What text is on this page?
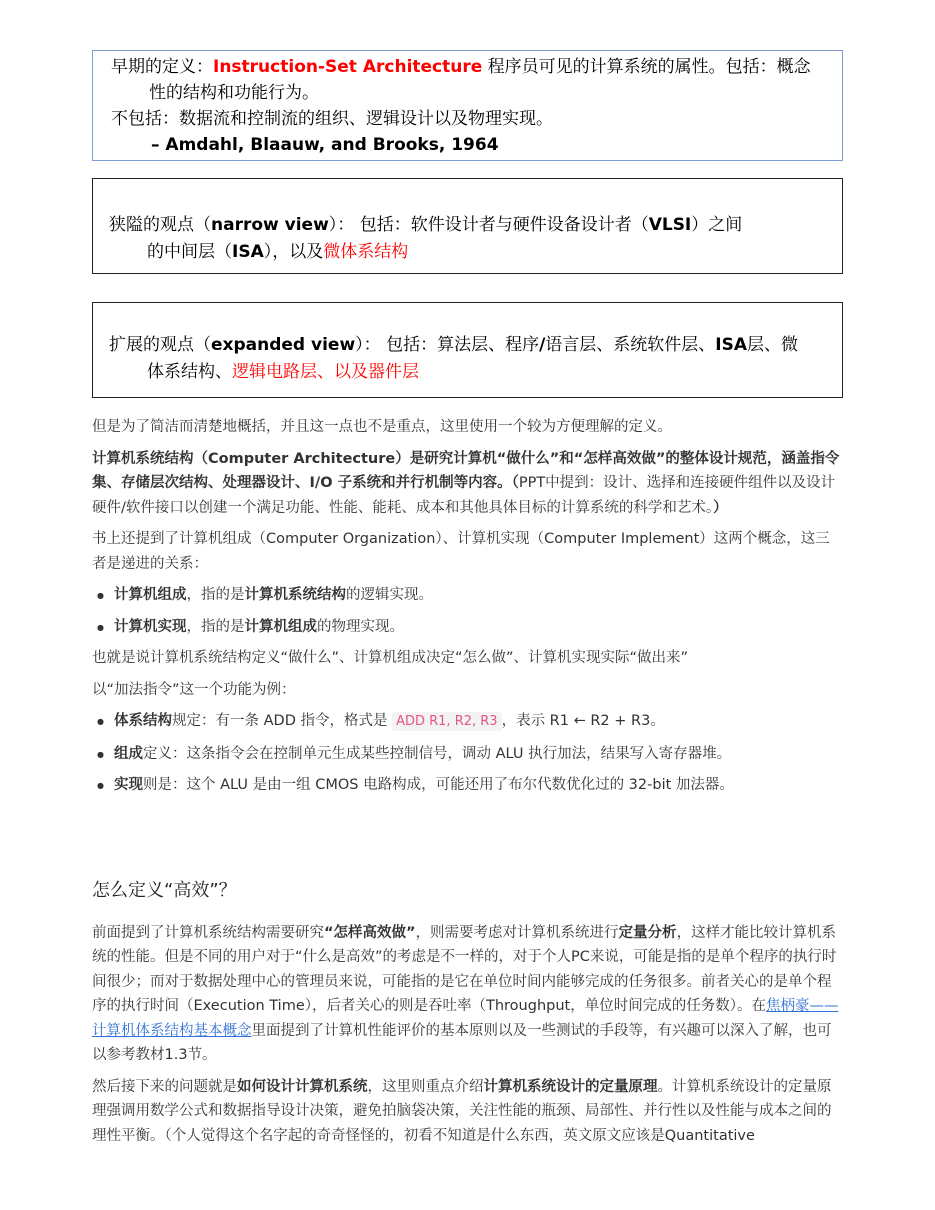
早期的定义：Instruction-Set Architecture 程序员可见的计算系统的属性。包括：概念
性的结构和功能行为。
不包括：数据流和控制流的组织、逻辑设计以及物理实现。
– Amdahl, Blaauw, and Brooks, 1964
狭隘的观点（narrow view）： 包括：软件设计者与硬件设备设计者（VLSI）之间
的中间层（ISA），以及微体系结构
扩展的观点（expanded view）： 包括：算法层、程序/语言层、系统软件层、ISA层、微
体系结构、逻辑电路层、以及器件层

但是为了简洁而清楚地概括，并且这一点也不是重点，这里使用一个较为方便理解的定义。

计算机系统结构（Computer Architecture）是研究计算机“做什么”和“怎样高效做”的整体设计规范，涵盖指令集、存储层次结构、处理器设计、I/O 子系统和并行机制等内容。（PPT中提到：设计、选择和连接硬件组件以及设计硬件/软件接口以创建一个满足功能、性能、能耗、成本和其他具体目标的计算系统的科学和艺术。）

书上还提到了计算机组成（Computer Organization）、计算机实现（Computer Implement）这两个概念，这三者是递进的关系：

● 计算机组成，指的是计算机系统结构的逻辑实现。
● 计算机实现，指的是计算机组成的物理实现。

也就是说计算机系统结构定义“做什么”、计算机组成决定“怎么做”、计算机实现实际“做出来”

以“加法指令”这一个功能为例：

● 体系结构规定：有一条 ADD 指令，格式是 ADD R1, R2, R3 ，表示 R1 ← R2 + R3。
● 组成定义：这条指令会在控制单元生成某些控制信号，调动 ALU 执行加法，结果写入寄存器堆。
● 实现则是：这个 ALU 是由一组 CMOS 电路构成，可能还用了布尔代数优化过的 32-bit 加法器。
怎么定义“高效”？

前面提到了计算机系统结构需要研究“怎样高效做”，则需要考虑对计算机系统进行定量分析，这样才能比较计算机系统的性能。但是不同的用户对于“什么是高效”的考虑是不一样的，对于个人PC来说，可能是指的是单个程序的执行时间很少；而对于数据处理中心的管理员来说，可能指的是它在单位时间内能够完成的任务很多。前者关心的是单个程序的执行时间（Execution Time），后者关心的则是吞吐率（Throughput，单位时间完成的任务数）。在焦柄豪——计算机体系结构基本概念里面提到了计算机性能评价的基本原则以及一些测试的手段等，有兴趣可以深入了解，也可以参考教材1.3节。

然后接下来的问题就是如何设计计算机系统，这里则重点介绍计算机系统设计的定量原理。计算机系统设计的定量原理强调用数学公式和数据指导设计决策，避免拍脑袋决策，关注性能的瓶颈、局部性、并行性以及性能与成本之间的理性平衡。（个人觉得这个名字起的奇奇怪怪的，初看不知道是什么东西，英文原文应该是Quantitative
